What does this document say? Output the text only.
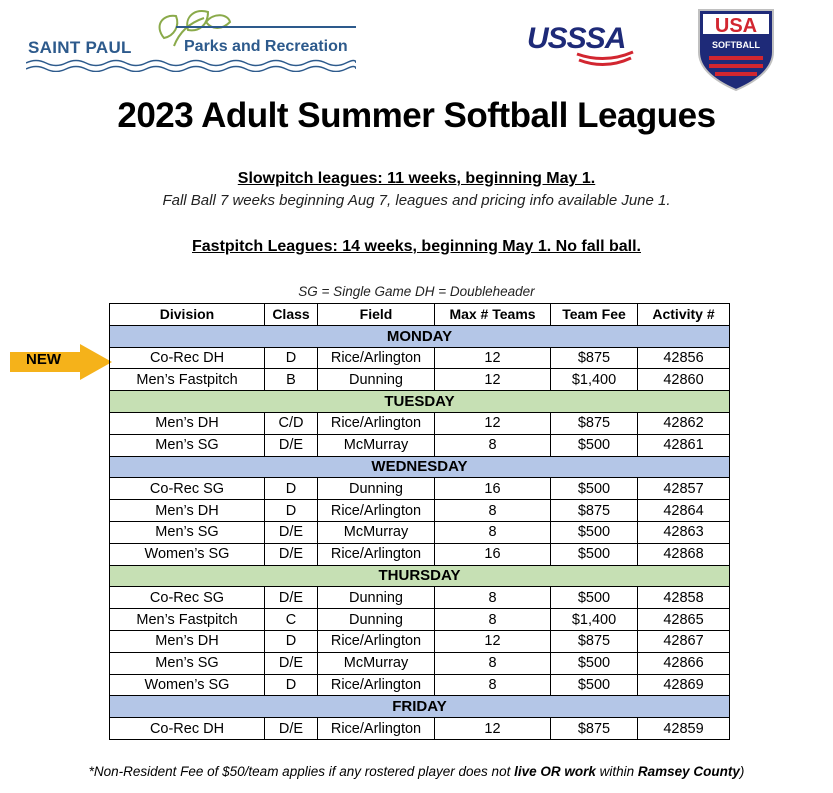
SAINT PAUL	Parks and Recreation	USSSA	USA
SOFTBALL
2023 Adult Summer Softball Leagues
Slowpitch leagues: 11 weeks, beginning May 1.
Fall Ball 7 weeks beginning Aug 7, leagues and pricing info available June 1.
Fastpitch Leagues: 14 weeks, beginning May 1. No fall ball.
SG = Single Game DH = Doubleheader
NEW
Division	Class	Field	Max # Teams	Team Fee	Activity #
MONDAY					
Co-Rec DH	D	Rice/Arlington	12	$875	42856
Men’s Fastpitch	B	Dunning	12	$1,400	42860
TUESDAY					
Men’s DH	C/D	Rice/Arlington	12	$875	42862
Men’s SG	D/E	McMurray	8	$500	42861
WEDNESDAY					
Co-Rec SG	D	Dunning	16	$500	42857
Men’s DH	D	Rice/Arlington	8	$875	42864
Men’s SG	D/E	McMurray	8	$500	42863
Women’s SG	D/E	Rice/Arlington	16	$500	42868
THURSDAY					
Co-Rec SG	D/E	Dunning	8	$500	42858
Men’s Fastpitch	C	Dunning	8	$1,400	42865
Men’s DH	D	Rice/Arlington	12	$875	42867
Men’s SG	D/E	McMurray	8	$500	42866
Women’s SG	D	Rice/Arlington	8	$500	42869
FRIDAY					
Co-Rec DH	D/E	Rice/Arlington	12	$875	42859
*Non-Resident Fee of $50/team applies if any rostered player does not live OR work within Ramsey County)
